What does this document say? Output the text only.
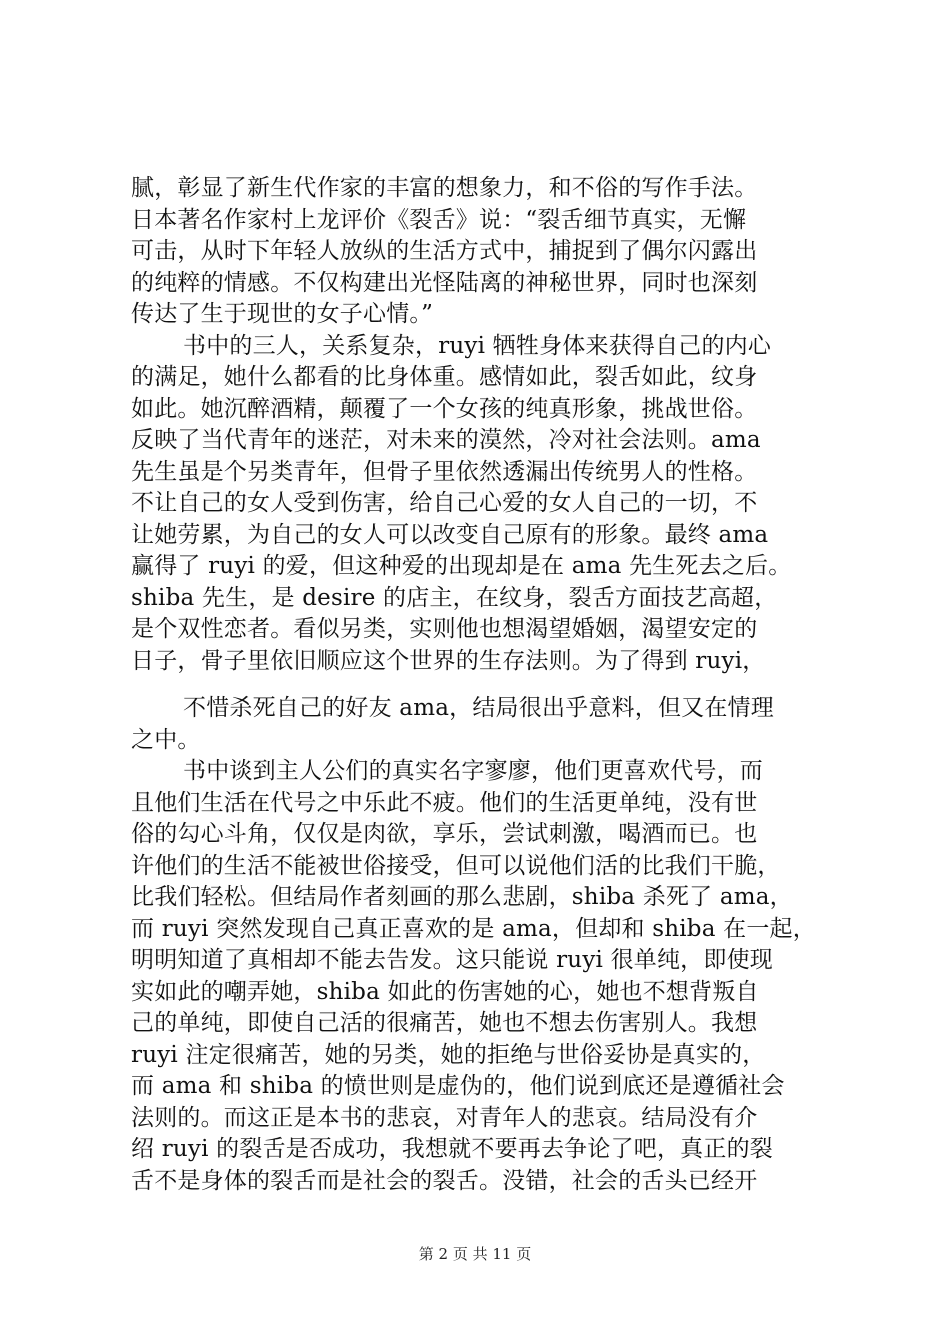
腻，彰显了新生代作家的丰富的想象力，和不俗的写作手法。
日本著名作家村上龙评价《裂舌》说：“裂舌细节真实，无懈
可击，从时下年轻人放纵的生活方式中，捕捉到了偶尔闪露出
的纯粹的情感。不仅构建出光怪陆离的神秘世界，同时也深刻
传达了生于现世的女子心情。”
书中的三人，关系复杂，ruyi 牺牲身体来获得自己的内心
的满足，她什么都看的比身体重。感情如此，裂舌如此，纹身
如此。她沉醉酒精，颠覆了一个女孩的纯真形象，挑战世俗。
反映了当代青年的迷茫，对未来的漠然，冷对社会法则。ama
先生虽是个另类青年，但骨子里依然透漏出传统男人的性格。
不让自己的女人受到伤害，给自己心爱的女人自己的一切，不
让她劳累，为自己的女人可以改变自己原有的形象。最终 ama
赢得了 ruyi 的爱，但这种爱的出现却是在 ama 先生死去之后。
shiba 先生，是 desire 的店主，在纹身，裂舌方面技艺高超，
是个双性恋者。看似另类，实则他也想渴望婚姻，渴望安定的
日子，骨子里依旧顺应这个世界的生存法则。为了得到 ruyi，
不惜杀死自己的好友 ama，结局很出乎意料，但又在情理
之中。
书中谈到主人公们的真实名字寥廖，他们更喜欢代号，而
且他们生活在代号之中乐此不疲。他们的生活更单纯，没有世
俗的勾心斗角，仅仅是肉欲，享乐，尝试刺激，喝酒而已。也
许他们的生活不能被世俗接受，但可以说他们活的比我们干脆，
比我们轻松。但结局作者刻画的那么悲剧，shiba 杀死了 ama，
而 ruyi 突然发现自己真正喜欢的是 ama，但却和 shiba 在一起，
明明知道了真相却不能去告发。这只能说 ruyi 很单纯，即使现
实如此的嘲弄她，shiba 如此的伤害她的心，她也不想背叛自
己的单纯，即使自己活的很痛苦，她也不想去伤害别人。我想
ruyi 注定很痛苦，她的另类，她的拒绝与世俗妥协是真实的，
而 ama 和 shiba 的愤世则是虚伪的，他们说到底还是遵循社会
法则的。而这正是本书的悲哀，对青年人的悲哀。结局没有介
绍 ruyi 的裂舌是否成功，我想就不要再去争论了吧，真正的裂
舌不是身体的裂舌而是社会的裂舌。没错，社会的舌头已经开
第 2 页 共 11 页
